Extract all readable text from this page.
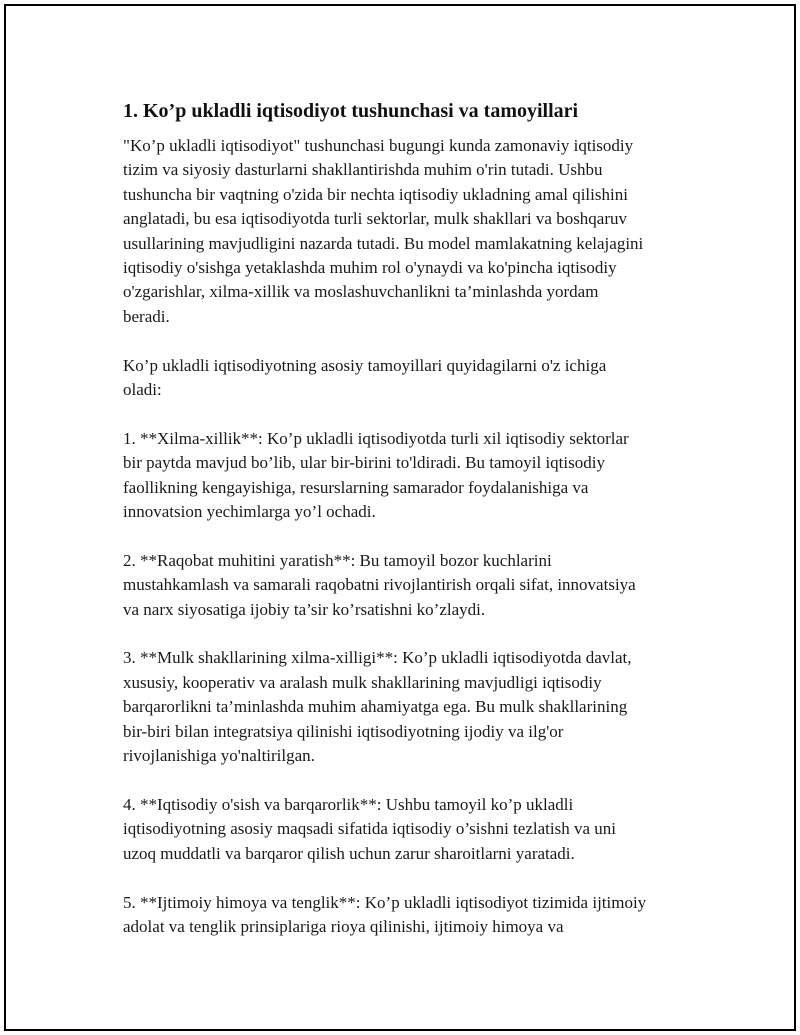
1. Ko’p ukladli iqtisodiyot tushunchasi va tamoyillari
"Ko’p ukladli iqtisodiyot" tushunchasi bugungi kunda zamonaviy iqtisodiy
tizim va siyosiy dasturlarni shakllantirishda muhim o'rin tutadi. Ushbu
tushuncha bir vaqtning o'zida bir nechta iqtisodiy ukladning amal qilishini
anglatadi, bu esa iqtisodiyotda turli sektorlar, mulk shakllari va boshqaruv
usullarining mavjudligini nazarda tutadi. Bu model mamlakatning kelajagini
iqtisodiy o'sishga yetaklashda muhim rol o'ynaydi va ko'pincha iqtisodiy
o'zgarishlar, xilma-xillik va moslashuvchanlikni ta’minlashda yordam
beradi.
Ko’p ukladli iqtisodiyotning asosiy tamoyillari quyidagilarni o'z ichiga
oladi:
1. **Xilma-xillik**: Ko’p ukladli iqtisodiyotda turli xil iqtisodiy sektorlar
bir paytda mavjud bo’lib, ular bir-birini to'ldiradi. Bu tamoyil iqtisodiy
faollikning kengayishiga, resurslarning samarador foydalanishiga va
innovatsion yechimlarga yo’l ochadi.
2. **Raqobat muhitini yaratish**: Bu tamoyil bozor kuchlarini
mustahkamlash va samarali raqobatni rivojlantirish orqali sifat, innovatsiya
va narx siyosatiga ijobiy ta’sir ko’rsatishni ko’zlaydi.
3. **Mulk shakllarining xilma-xilligi**: Ko’p ukladli iqtisodiyotda davlat,
xususiy, kooperativ va aralash mulk shakllarining mavjudligi iqtisodiy
barqarorlikni ta’minlashda muhim ahamiyatga ega. Bu mulk shakllarining
bir-biri bilan integratsiya qilinishi iqtisodiyotning ijodiy va ilg'or
rivojlanishiga yo'naltirilgan.
4. **Iqtisodiy o'sish va barqarorlik**: Ushbu tamoyil ko’p ukladli
iqtisodiyotning asosiy maqsadi sifatida iqtisodiy o’sishni tezlatish va uni
uzoq muddatli va barqaror qilish uchun zarur sharoitlarni yaratadi.
5. **Ijtimoiy himoya va tenglik**: Ko’p ukladli iqtisodiyot tizimida ijtimoiy
adolat va tenglik prinsiplariga rioya qilinishi, ijtimoiy himoya va
